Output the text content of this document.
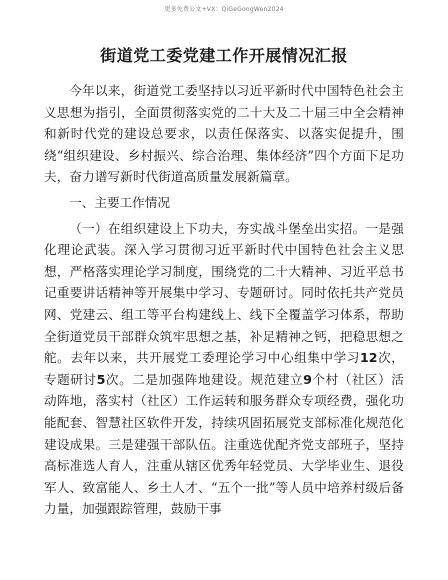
更多免费公文+VX：QiGeGongWen2024
街道党工委党建工作开展情况汇报

今年以来，街道党工委坚持以习近平新时代中国特色社会主义思想为指引，全面贯彻落实党的二十大及二十届三中全会精神和新时代党的建设总要求，以责任保落实、以落实促提升，围绕“组织建设、乡村振兴、综合治理、集体经济”四个方面下足功夫，奋力谱写新时代街道高质量发展新篇章。

一、主要工作情况

（一）在组织建设上下功夫，夯实战斗堡垒出实招。一是强化理论武装。深入学习贯彻习近平新时代中国特色社会主义思想，严格落实理论学习制度，围绕党的二十大精神、习近平总书记重要讲话精神等开展集中学习、专题研讨。同时依托共产党员网、党建云、组工等平台构建线上、线下全覆盖学习体系，帮助全街道党员干部群众筑牢思想之基，补足精神之钙，把稳思想之舵。去年以来，共开展党工委理论学习中心组集中学习12次，专题研讨5次。二是加强阵地建设。规范建立9个村（社区）活动阵地，落实村（社区）工作运转和服务群众专项经费，强化功能配套、智慧社区软件开发，持续巩固拓展党支部标准化规范化建设成果。三是建强干部队伍。注重选优配齐党支部班子，坚持高标准选人育人，注重从辖区优秀年轻党员、大学毕业生、退役军人、致富能人、乡土人才、“五个一批”等人员中培养村级后备力量，加强跟踪管理，鼓励干事
